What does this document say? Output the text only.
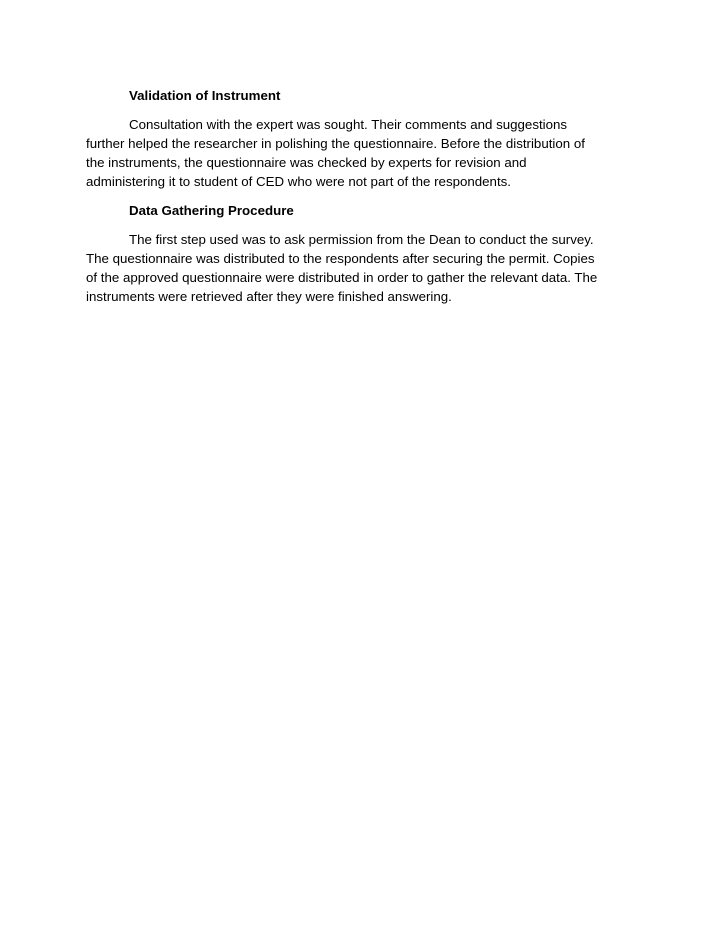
Validation of Instrument
Consultation with the expert was sought. Their comments and suggestions
further helped the researcher in polishing the questionnaire. Before the distribution of
the instruments, the questionnaire was checked by experts for revision and
administering it to student of CED who were not part of the respondents.
Data Gathering Procedure
The first step used was to ask permission from the Dean to conduct the survey.
The questionnaire was distributed to the respondents after securing the permit. Copies
of the approved questionnaire were distributed in order to gather the relevant data. The
instruments were retrieved after they were finished answering.
